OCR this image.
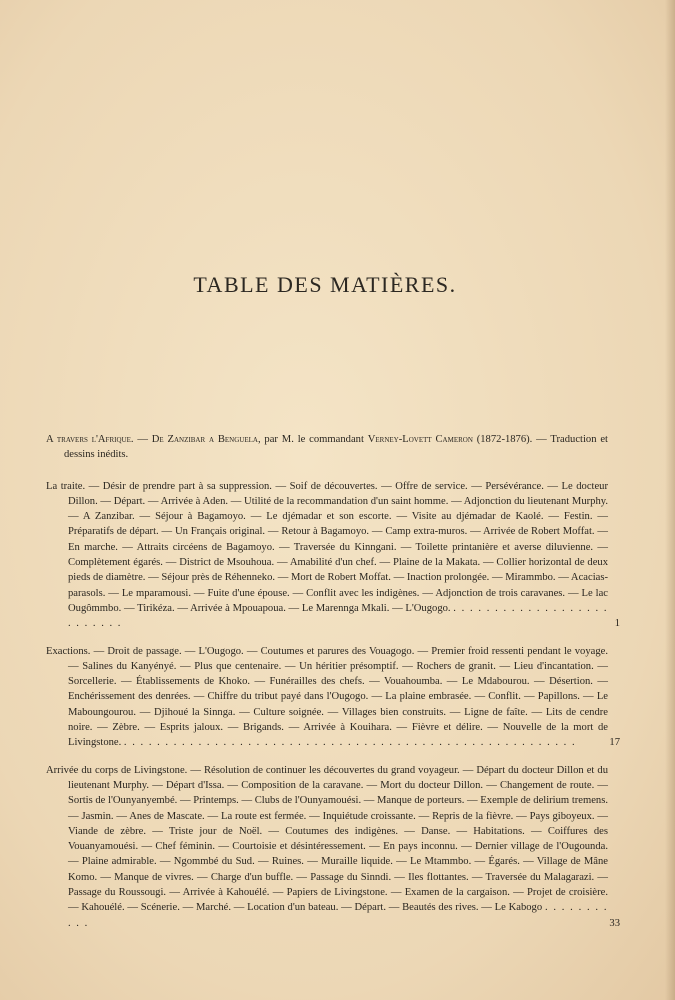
TABLE DES MATIÈRES.

A travers l'Afrique. — De Zanzibar a Benguela, par M. le commandant Verney-Lovett Cameron (1872-1876). — Traduction et dessins inédits.

La traite. — Désir de prendre part à sa suppression. — Soif de découvertes. — Offre de service. — Persévérance. — Le docteur Dillon. — Départ. — Arrivée à Aden. — Utilité de la recommandation d'un saint homme. — Adjonction du lieutenant Murphy. — A Zanzibar. — Séjour à Bagamoyo. — Le djémadar et son escorte. — Visite au djémadar de Kaolé. — Festin. — Préparatifs de départ. — Un Français original. — Retour à Bagamoyo. — Camp extra-muros. — Arrivée de Robert Moffat. — En marche. — Attraits circéens de Bagamoyo. — Traversée du Kinngani. — Toilette printanière et averse diluvienne. — Complètement égarés. — District de Msouhoua. — Amabilité d'un chef. — Plaine de la Makata. — Collier horizontal de deux pieds de diamètre. — Séjour près de Réhenneko. — Mort de Robert Moffat. — Inaction prolongée. — Mirammbo. — Acacias-parasols. — Le mparamousi. — Fuite d'une épouse. — Conflit avec les indigènes. — Adjonction de trois caravanes. — Le lac Ougômmbo. — Tirikéza. — Arrivée à Mpouapoua. — Le Marennga Mkali. — L'Ougogo. . . . . . . . . . . . . . . . . . . . . . . . . . .	1

Exactions. — Droit de passage. — L'Ougogo. — Coutumes et parures des Vouagogo. — Premier froid ressenti pendant le voyage. — Salines du Kanyényé. — Plus que centenaire. — Un héritier présomptif. — Rochers de granit. — Lieu d'incantation. — Sorcellerie. — Établissements de Khoko. — Funérailles des chefs. — Vouahoumba. — Le Mdabourou. — Désertion. — Enchérissement des denrées. — Chiffre du tribut payé dans l'Ougogo. — La plaine embrasée. — Conflit. — Papillons. — Le Maboungourou. — Djihoué la Sinnga. — Culture soignée. — Villages bien construits. — Ligne de faîte. — Lits de cendre noire. — Zèbre. — Esprits jaloux. — Brigands. — Arrivée à Kouihara. — Fièvre et délire. — Nouvelle de la mort de Livingstone. . . . . . . . . . . . . . . . . . . . . . . . . . . . . . . . . . . . . . . . . . . . . . . . . . . . . . . .	17

Arrivée du corps de Livingstone. — Résolution de continuer les découvertes du grand voyageur. — Départ du docteur Dillon et du lieutenant Murphy. — Départ d'Issa. — Composition de la caravane. — Mort du docteur Dillon. — Changement de route. — Sortis de l'Ounyanyembé. — Printemps. — Clubs de l'Ounyamouési. — Manque de porteurs. — Exemple de delirium tremens. — Jasmin. — Anes de Mascate. — La route est fermée. — Inquiétude croissante. — Repris de la fièvre. — Pays giboyeux. — Viande de zèbre. — Triste jour de Noël. — Coutumes des indigènes. — Danse. — Habitations. — Coiffures des Vouanyamouési. — Chef féminin. — Courtoisie et désintéressement. — En pays inconnu. — Dernier village de l'Ougounda. — Plaine admirable. — Ngommbé du Sud. — Ruines. — Muraille liquide. — Le Mtammbo. — Égarés. — Village de Mâne Komo. — Manque de vivres. — Charge d'un buffle. — Passage du Sinndi. — Iles flottantes. — Traversée du Malagarazi. — Passage du Roussougi. — Arrivée à Kahouélé. — Papiers de Livingstone. — Examen de la cargaison. — Projet de croisière. — Kahouélé. — Scénerie. — Marché. — Location d'un bateau. — Départ. — Beautés des rives. — Le Kabogo . . . . . . . . . . .	33
